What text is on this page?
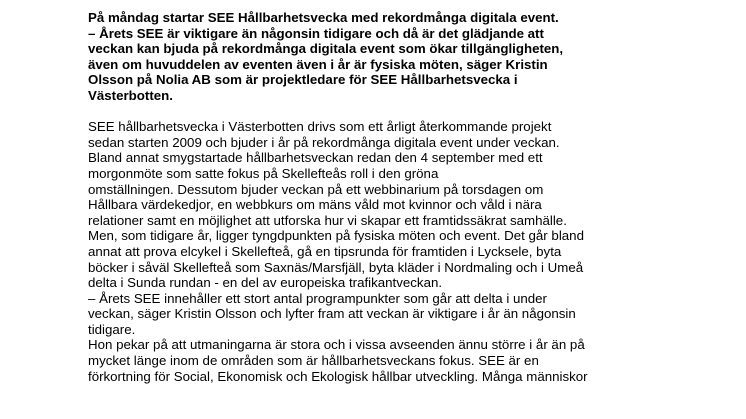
På måndag startar SEE Hållbarhetsvecka med rekordmånga digitala event.
– Årets SEE är viktigare än någonsin tidigare och då är det glädjande att
veckan kan bjuda på rekordmånga digitala event som ökar tillgängligheten,
även om huvuddelen av eventen även i år är fysiska möten, säger Kristin
Olsson på Nolia AB som är projektledare för SEE Hållbarhetsvecka i
Västerbotten.
SEE hållbarhetsvecka i Västerbotten drivs som ett årligt återkommande projekt
sedan starten 2009 och bjuder i år på rekordmånga digitala event under veckan.
Bland annat smygstartade hållbarhetsveckan redan den 4 september med ett
morgonmöte som satte fokus på Skellefteås roll i den gröna
omställningen. Dessutom bjuder veckan på ett webbinarium på torsdagen om
Hållbara värdekedjor, en webbkurs om mäns våld mot kvinnor och våld i nära
relationer samt en möjlighet att utforska hur vi skapar ett framtidssäkrat samhälle.
Men, som tidigare år, ligger tyngdpunkten på fysiska möten och event. Det går bland
annat att prova elcykel i Skellefteå, gå en tipsrunda för framtiden i Lycksele, byta
böcker i såväl Skellefteå som Saxnäs/Marsfjäll, byta kläder i Nordmaling och i Umeå
delta i Sunda rundan - en del av europeiska trafikantveckan.
– Årets SEE innehåller ett stort antal programpunkter som går att delta i under
veckan, säger Kristin Olsson och lyfter fram att veckan är viktigare i år än någonsin
tidigare.
Hon pekar på att utmaningarna är stora och i vissa avseenden ännu större i år än på
mycket länge inom de områden som är hållbarhetsveckans fokus. SEE är en
förkortning för Social, Ekonomisk och Ekologisk hållbar utveckling. Många människor
